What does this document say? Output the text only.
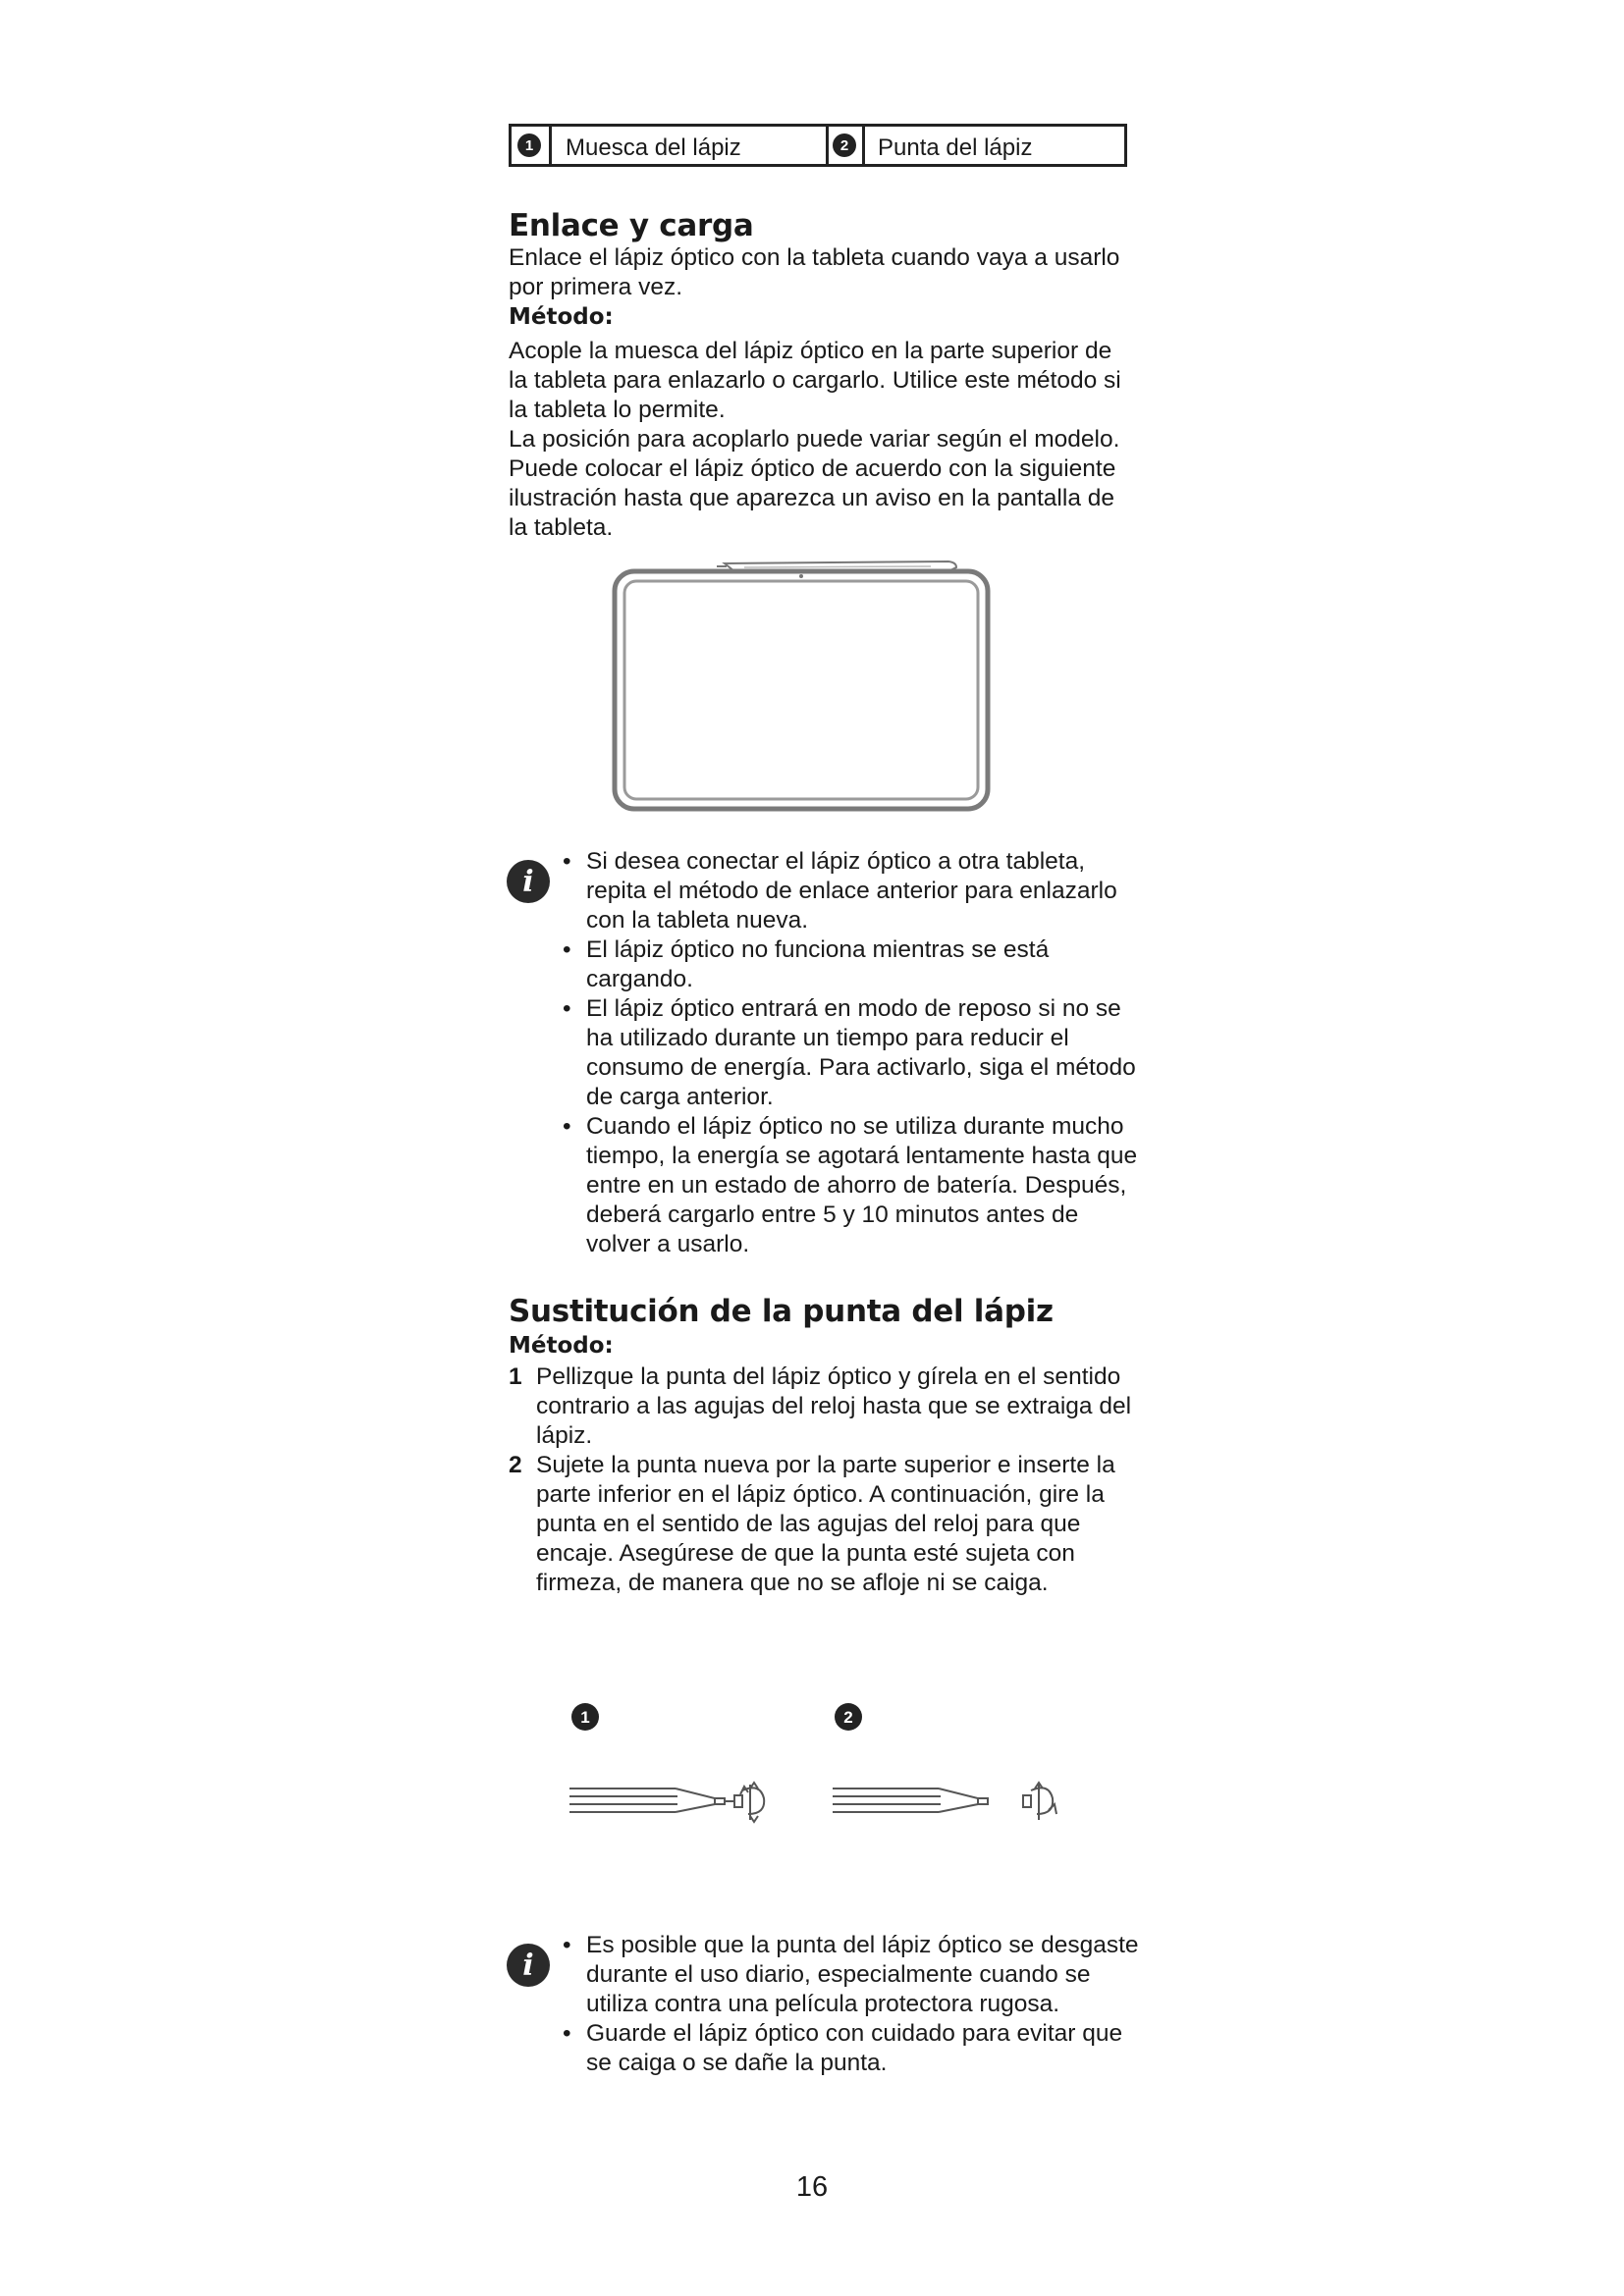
1	Muesca del lápiz	2	Punta del lápiz
Enlace y carga

Enlace el lápiz óptico con la tableta cuando vaya a usarlo por primera vez.

Método:

Acople la muesca del lápiz óptico en la parte superior de la tableta para enlazarlo o cargarlo. Utilice este método si la tableta lo permite.

La posición para acoplarlo puede variar según el modelo. Puede colocar el lápiz óptico de acuerdo con la siguiente ilustración hasta que aparezca un aviso en la pantalla de la tableta.

i
• Si desea conectar el lápiz óptico a otra tableta, repita el método de enlace anterior para enlazarlo con la tableta nueva.
• El lápiz óptico no funciona mientras se está cargando.
• El lápiz óptico entrará en modo de reposo si no se ha utilizado durante un tiempo para reducir el consumo de energía. Para activarlo, siga el método de carga anterior.
• Cuando el lápiz óptico no se utiliza durante mucho tiempo, la energía se agotará lentamente hasta que entre en un estado de ahorro de batería. Después, deberá cargarlo entre 5 y 10 minutos antes de volver a usarlo.
Sustitución de la punta del lápiz
Método:
1 Pellizque la punta del lápiz óptico y gírela en el sentido contrario a las agujas del reloj hasta que se extraiga del lápiz.
2 Sujete la punta nueva por la parte superior e inserte la parte inferior en el lápiz óptico. A continuación, gire la punta en el sentido de las agujas del reloj para que encaje. Asegúrese de que la punta esté sujeta con firmeza, de manera que no se afloje ni se caiga.
1	2
i
• Es posible que la punta del lápiz óptico se desgaste durante el uso diario, especialmente cuando se utiliza contra una película protectora rugosa.
• Guarde el lápiz óptico con cuidado para evitar que se caiga o se dañe la punta.
16
